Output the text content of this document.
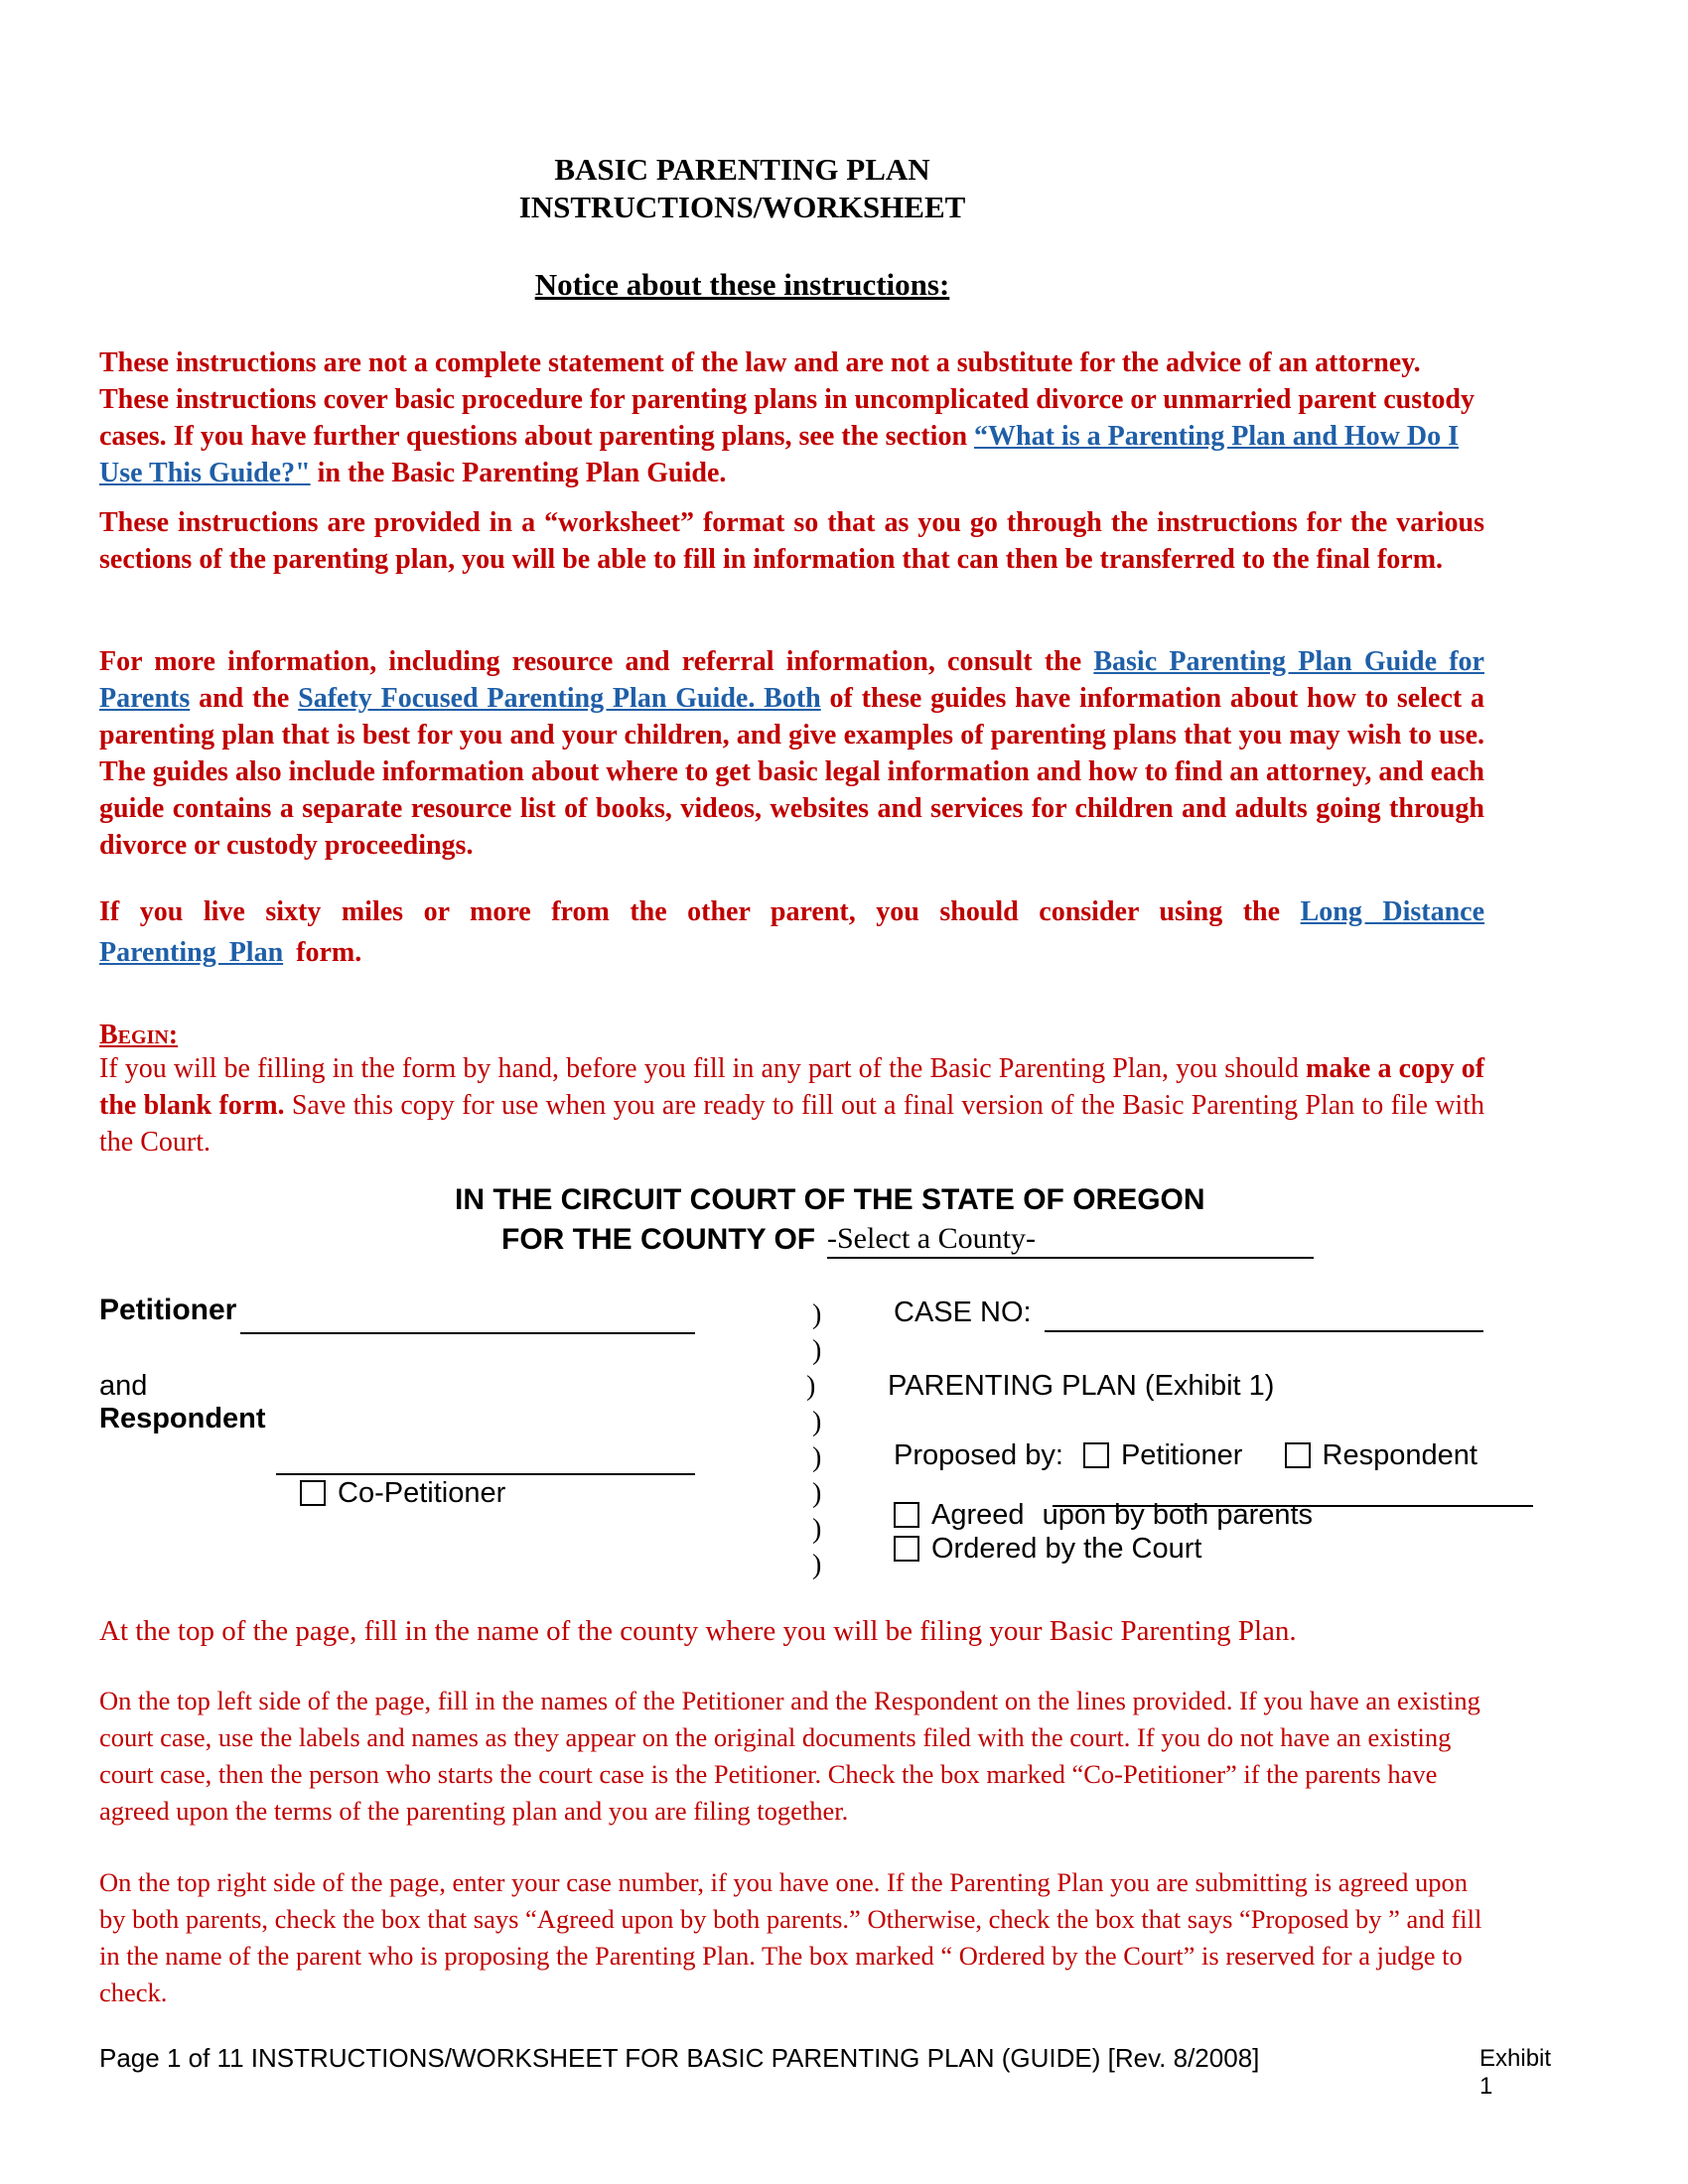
BASIC PARENTING PLAN
INSTRUCTIONS/WORKSHEET
Notice about these instructions:
These instructions are not a complete statement of the law and are not a substitute for the advice of an attorney. These instructions cover basic procedure for parenting plans in uncomplicated divorce or unmarried parent custody cases. If you have further questions about parenting plans, see the section “What is a Parenting Plan and How Do I Use This Guide?" in the Basic Parenting Plan Guide.
These instructions are provided in a “worksheet” format so that as you go through the instructions for the various sections of the parenting plan, you will be able to fill in information that can then be transferred to the final form.
For more information, including resource and referral information, consult the Basic Parenting Plan Guide for Parents and the Safety Focused Parenting Plan Guide. Both of these guides have information about how to select a parenting plan that is best for you and your children, and give examples of parenting plans that you may wish to use. The guides also include information about where to get basic legal information and how to find an attorney, and each guide contains a separate resource list of books, videos, websites and services for children and adults going through divorce or custody proceedings.
If you live sixty miles or more from the other parent, you should consider using the Long Distance Parenting Plan form.
Begin:
If you will be filling in the form by hand, before you fill in any part of the Basic Parenting Plan, you should make a copy of the blank form. Save this copy for use when you are ready to fill out a final version of the Basic Parenting Plan to file with the Court.
IN THE CIRCUIT COURT OF THE STATE OF OREGON
FOR THE COUNTY OF -Select a County-
Petitioner
and
Respondent
Co-Petitioner
)
)
)
)
)
)
)
)
CASE NO:
PARENTING PLAN (Exhibit 1)
Proposed by: Petitioner	Respondent
Agreed upon by both parents
Ordered by the Court
At the top of the page, fill in the name of the county where you will be filing your Basic Parenting Plan.
On the top left side of the page, fill in the names of the Petitioner and the Respondent on the lines provided. If you have an existing court case, use the labels and names as they appear on the original documents filed with the court. If you do not have an existing court case, then the person who starts the court case is the Petitioner. Check the box marked “Co-Petitioner” if the parents have agreed upon the terms of the parenting plan and you are filing together.
On the top right side of the page, enter your case number, if you have one. If the Parenting Plan you are submitting is agreed upon by both parents, check the box that says “Agreed upon by both parents.” Otherwise, check the box that says “Proposed by ” and fill in the name of the parent who is proposing the Parenting Plan. The box marked “ Ordered by the Court” is reserved for a judge to check.
Page 1 of 11 INSTRUCTIONS/WORKSHEET FOR BASIC PARENTING PLAN (GUIDE) [Rev. 8/2008]	Exhibit 1
